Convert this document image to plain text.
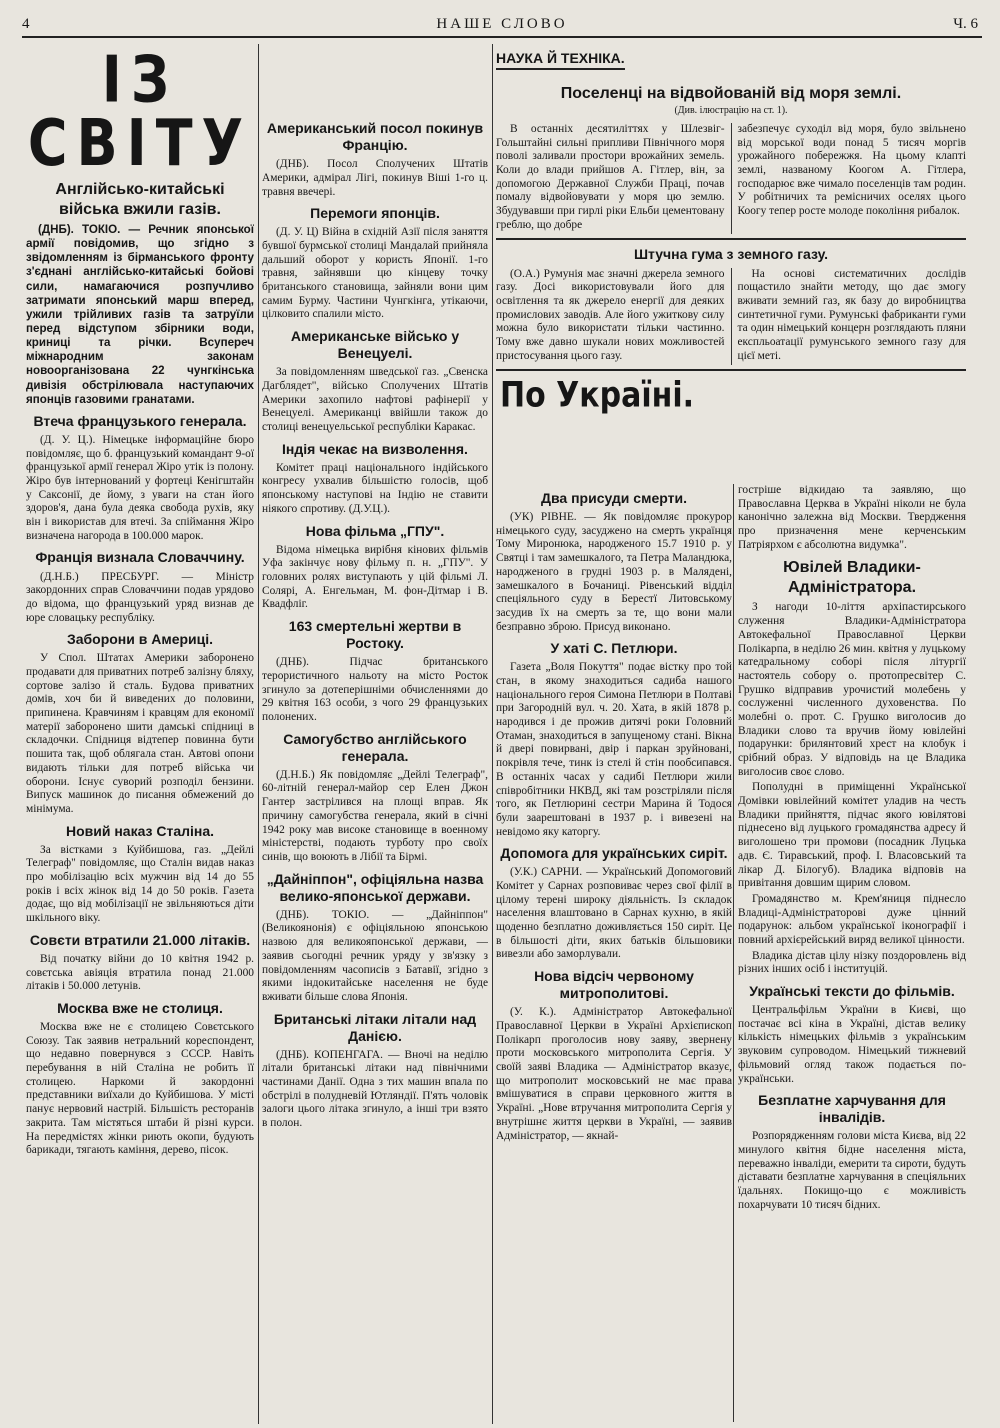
4	НАШЕ СЛОВО	Ч. 6
ІЗ СВІТУ
Англійсько-китайські війська вжили газів.

(ДНБ). ТОКІО. — Речник японської армії повідомив, що згідно з звідомленням із бірманського фронту з'єднані англійсько-китайські бойові сили, намагаючися розпучливо затримати японський марш вперед, ужили трійливих газів та затруїли перед відступом збірники води, криниці та річки. Всупереч міжнародним законам новоорганізована 22 чунгкінська дивізія обстрілювала наступаючих японців газовими гранатами.

Втеча французького генерала.

(Д. У. Ц.). Німецьке інформаційне бюро повідомляє, що б. французький командант 9-ої французької армії генерал Жіро утік із полону. Жіро був інтернований у фортеці Кенігштайн у Саксонії, де йому, з уваги на стан його здоров'я, дана була деяка свобода рухів, яку він і використав для втечі. За спіймання Жіро визначена нагорода в 100.000 марок.

Франція визнала Словаччину.

(Д.Н.Б.) ПРЕСБУРГ. — Міністр закордонних справ Словаччини подав урядово до відома, що французький уряд визнав де юре словацьку республіку.

Заборони в Америці.

У Спол. Штатах Америки заборонено продавати для приватних потреб залізну бляху, сортове залізо й сталь. Будова приватних домів, хоч би й виведених до половини, припинена. Кравчиням і кравцям для економії матерії заборонено шити дамські спідниці в складочки. Спідниця відтепер повинна бути пошита так, щоб облягала стан. Автові опони видають тільки для потреб війська чи оборони. Існує суворий розподіл бензини. Випуск машинок до писання обмежений до мінімума.

Новий наказ Сталіна.

За вістками з Куйбишова, газ. „Дейлі Телеграф" повідомляє, що Сталін видав наказ про мобілізацію всіх мужчин від 14 до 55 років і всіх жінок від 14 до 50 років. Газета додає, що від мобілізації не звільняються діти шкільного віку.

Совєти втратили 21.000 літаків.

Від початку війни до 10 квітня 1942 р. совєтська авіяція втратила понад 21.000 літаків і 50.000 летунів.

Москва вже не столиця.

Москва вже не є столицею Совєтського Союзу. Так заявив нетральний кореспондент, що недавно повернувся з СССР. Навіть перебування в ній Сталіна не робить її столицею. Наркоми й закордонні представники виїхали до Куйбишова. У місті панує нервовий настрій. Більшість ресторанів закрита. Там містяться штаби й різні курси. На передмістях жінки риють окопи, будують барикади, тягають каміння, дерево, пісок.

Американський посол покинув Францію.

(ДНБ). Посол Сполучених Штатів Америки, адмірал Лігі, покинув Віші 1-го ц. травня ввечері.

Перемоги японців.

(Д. У. Ц) Війна в східній Азії після заняття бувшої бурмської столиці Мандалай прийняла дальший оборот у користь Японії. 1-го травня, зайнявши цю кінцеву точку британського становища, зайняли вони цим самим Бурму. Частини Чунгкінга, утікаючи, цілковито спалили місто.

Американське військо у Венецуелі.

За повідомленням шведської газ. „Свенска Дагблядет", військо Сполучених Штатів Америки захопило нафтові рафінерії у Венецуелі. Американці ввійшли також до столиці венецуельської республіки Каракас.

Індія чекає на визволення.

Комітет праці національного індійського конгресу ухвалив більшістю голосів, щоб японському наступові на Індію не ставити ніякого спротиву. (Д.У.Ц.).

Нова фільма „ГПУ".

Відома німецька вирібня кінових фільмів Уфа закінчує нову фільму п. н. „ГПУ". У головних ролях виступають у цій фільмі Л. Солярі, А. Енгельман, М. фон-Дітмар і В. Квадфліг.

163 смертельні жертви в Ростоку.

(ДНБ). Підчас британського терористичного нальоту на місто Росток згинуло за дотеперішніми обчисленнями до 29 квітня 163 особи, з чого 29 французьких полонених.

Самогубство англійського генерала.

(Д.Н.Б.) Як повідомляє „Дейлі Телеграф", 60-літній генерал-майор сер Елен Джон Гантер застрілився на площі вправ. Як причину самогубства генерала, який в січні 1942 року мав високе становище в военному міністерстві, подають турботу про своїх синів, що воюють в Лібії та Бірмі.

„Дайніппон", офіціяльна назва велико-японської держави.

(ДНБ). ТОКІО. — „Дайніппон" (Великоянонія) є офіціяльною японською назвою для великояпонської держави, — заявив сьогодні речник уряду у зв'язку з повідомленням часописів з Батавії, згідно з якими індокитайське населення не буде вживати більше слова Японія.

Британські літаки літали над Данією.

(ДНБ). КОПЕНГАГА. — Вночі на неділю літали британські літаки над північними частинами Данії. Одна з тих машин впала по обстрілі в полудневій Ютляндії. П'ять чоловік залоги цього літака згинуло, а інші три взято в полон.

НАУКА Й ТЕХНІКА.
Поселенці на відвойованій від моря землі.
(Див. ілюстрацію на ст. 1).

В останніх десятиліттях у Шлезвіг-Гольштайні сильні припливи Північного моря поволі заливали простори врожайних земель. Коли до влади прийшов А. Гітлер, він, за допомогою Державної Служби Праці, почав помалу відвойовувати у моря цю землю. Збудувавши при гирлі ріки Ельби цементовану греблю, що добре

забезпечує суходіл від моря, було звільнено від морської води понад 5 тисяч моргів урожайного побережжя. На цьому клапті землі, названому Коогом А. Гітлера, господарює вже чимало поселенців там родин. У робітничих та ремісничих оселях цього Коогу тепер росте молоде покоління рибалок.

Штучна гума з земного газу.

(О.А.) Румунія має значні джерела земного газу. Досі використовували його для освітлення та як джерело енергії для деяких промислових заводів. Але його ужиткову силу можна було використати тільки частинно. Тому вже давно шукали нових можливостей пристосування цього газу.

На основі систематичних дослідів пощастило знайти методу, що дає змогу вживати земний газ, як базу до виробництва синтетичної гуми. Румунські фабриканти гуми та один німецький концерн розглядають пляни експльоатації румунського земного газу для цієї меті.

По Україні.
Два присуди смерти.

(УК) РІВНЕ. — Як повідомляє прокурор німецького суду, засуджено на смерть українця Тому Миронюка, народженого 15.7 1910 р. у Святці і там замешкалого, та Петра Маландюка, народженого в грудні 1903 р. в Малядені, замешкалого в Бочаниці. Рівенський відділ спеціяльного суду в Берестї Литовському засудив їх на смерть за те, що вони мали безправно зброю. Присуд виконано.

У хаті С. Петлюри.

Газета „Воля Покуття" подає вістку про той стан, в якому знаходиться садиба нашого національного героя Симона Петлюри в Полтаві при Загородній вул. ч. 20. Хата, в якій 1878 р. народився і де прожив дитячі роки Головний Отаман, знаходиться в запущеному стані. Вікна й двері повирвані, двір і паркан зруйновані, покрівля тече, тинк із стелі й стін пообсипався. В останніх часах у садибі Петлюри жили співробітники НКВД, які там розстріляли після того, як Петлюрині сестри Марина й Тодося були заарештовані в 1937 р. і вивезені на невідомо яку каторгу.

Допомога для українських сиріт.

(У.К.) САРНИ. — Український Допомоговий Комітет у Сарнах розповиває через свої філії в цілому терені широку діяльність. Із складок населення влаштовано в Сарнах кухню, в якій щоденно безплатно доживляється 150 сиріт. Це в більшості діти, яких батьків більшовики вивезли або заморлували.

Нова відсіч червоному митрополитові.

(У. К.). Адміністратор Автокефальної Православної Церкви в Україні Архієпископ Полікарп проголосив нову заяву, звернену проти московського митрополита Сергія. У своїй заяві Владика — Адміністратор вказує, що митрополит московський не має права вмішуватися в справи церковного життя в Україні. „Нове втручання митрополита Сергія у внутрішнє життя церкви в Україні, — заявив Адміністратор, — якнай-

гостріше відкидаю та заявляю, що Православна Церква в Україні ніколи не була канонічно залежна від Москви. Твердження про призначення мене керченським Патріярхом є абсолютна видумка".

Ювілей Владики-Адміністратора.

З нагоди 10-ліття архіпастирського служення Владики-Адміністратора Автокефальної Православної Церкви Полікарпа, в неділю 26 мин. квітня у луцькому катедральному соборі після літургії настоятель собору о. протопресвітер С. Грушко відправив урочистий молебень у сослуженні численного духовенства. По молебні о. прот. С. Грушко виголосив до Владики слово та вручив йому ювілейні подарунки: брилянтовий хрест на клобук і срібний образ. У відповідь на це Владика виголосив своє слово.

Пополудні в приміщенні Української Домівки ювілейний комітет уладив на честь Владики прийняття, підчас якого ювілятові піднесено від луцького громадянства адресу й виголошено три промови (посадник Луцька адв. Є. Тиравський, проф. І. Власовський та лікар Д. Білогуб). Владика відповів на привітання довшим щирим словом.

Громадянство м. Крем'яниця піднесло Владиці-Адміністраторові дуже цінний подарунок: альбом української іконографії і повний архієрейський виряд великої цінности.

Владика дістав цілу нізку поздоровлень від різних інших осіб і інституцій.

Українські тексти до фільмів.

Центральфільм України в Києві, що постачає всі кіна в Україні, дістав велику кількість німецьких фільмів з українським звуковим супроводом. Німецький тижневий фільмовий огляд також подається по-українськи.

Безплатне харчування для інвалідів.

Розпорядженням голови міста Києва, від 22 минулого квітня бідне населення міста, переважно інваліди, емерити та сироти, будуть діставати безплатне харчування в спеціяльних їдальнях. Покищо-що є можливість похарчувати 10 тисяч бідних.
